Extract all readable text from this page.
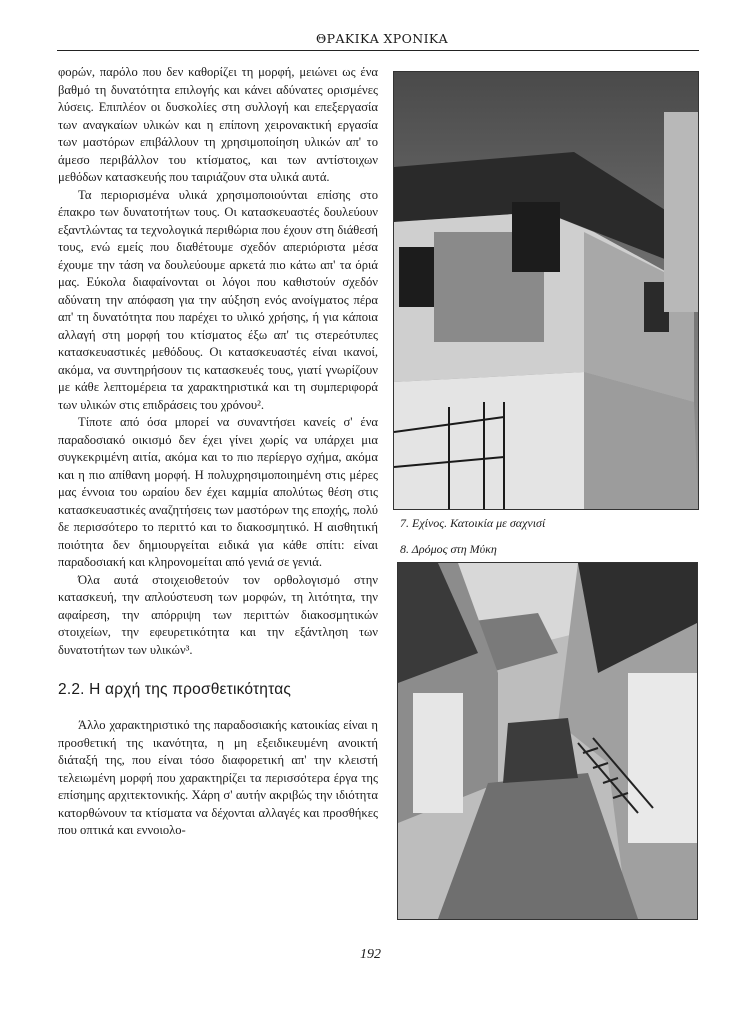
ΘΡΑΚΙΚΑ ΧΡΟΝΙΚΑ

φορών, παρόλο που δεν καθορίζει τη μορφή, μειώνει ως ένα βαθμό τη δυνατότητα επιλογής και κάνει αδύνατες ορισμένες λύσεις. Επιπλέον οι δυσκολίες στη συλλογή και επεξεργασία των αναγκαίων υλικών και η επίπονη χειρονακτική εργασία των μαστόρων επιβάλλουν τη χρησιμοποίηση υλικών απ' το άμεσο περιβάλλον του κτίσματος, και των αντίστοιχων μεθόδων κατασκευής που ταιριάζουν στα υλικά αυτά.

Τα περιορισμένα υλικά χρησιμοποιούνται επίσης στο έπακρο των δυνατοτήτων τους. Οι κατασκευαστές δουλεύουν εξαντλώντας τα τεχνολογικά περιθώρια που έχουν στη διάθεσή τους, ενώ εμείς που διαθέτουμε σχεδόν απεριόριστα μέσα έχουμε την τάση να δουλεύουμε αρκετά πιο κάτω απ' τα όριά μας. Εύκολα διαφαίνονται οι λόγοι που καθιστούν σχεδόν αδύνατη την απόφαση για την αύξηση ενός ανοίγματος πέρα απ' τη δυνατότητα που παρέχει το υλικό χρήσης, ή για κάποια αλλαγή στη μορφή του κτίσματος έξω απ' τις στερεότυπες κατασκευαστικές μεθόδους. Οι κατασκευαστές είναι ικανοί, ακόμα, να συντηρήσουν τις κατασκευές τους, γιατί γνωρίζουν με κάθε λεπτομέρεια τα χαρακτηριστικά και τη συμπεριφορά των υλικών στις επιδράσεις του χρόνου².

Τίποτε από όσα μπορεί να συναντήσει κανείς σ' ένα παραδοσιακό οικισμό δεν έχει γίνει χωρίς να υπάρχει μια συγκεκριμένη αιτία, ακόμα και το πιο περίεργο σχήμα, ακόμα και η πιο απίθανη μορφή. Η πολυχρησιμοποιημένη στις μέρες μας έννοια του ωραίου δεν έχει καμμία απολύτως θέση στις κατασκευαστικές αναζητήσεις των μαστόρων της εποχής, πολύ δε περισσότερο το περιττό και το διακοσμητικό. Η αισθητική ποιότητα δεν δημιουργείται ειδικά για κάθε σπίτι: είναι παραδοσιακή και κληρονομείται από γενιά σε γενιά.

Όλα αυτά στοιχειοθετούν τον ορθολογισμό στην κατασκευή, την απλούστευση των μορφών, τη λιτότητα, την αφαίρεση, την απόρριψη των περιττών διακοσμητικών στοιχείων, την εφευρετικότητα και την εξάντληση των δυνατοτήτων των υλικών³.

2.2. Η αρχή της προσθετικότητας

Άλλο χαρακτηριστικό της παραδοσιακής κατοικίας είναι η προσθετική της ικανότητα, η μη εξειδικευμένη ανοικτή διάταξή της, που είναι τόσο διαφορετική απ' την κλειστή τελειωμένη μορφή που χαρακτηρίζει τα περισσότερα έργα της επίσημης αρχιτεκτονικής. Χάρη σ' αυτήν ακριβώς την ιδιότητα κατορθώνουν τα κτίσματα να δέχονται αλλαγές και προσθήκες που οπτικά και εννοιολο-

7. Εχίνος. Κατοικία με σαχνισί
8. Δρόμος στη Μύκη
192
